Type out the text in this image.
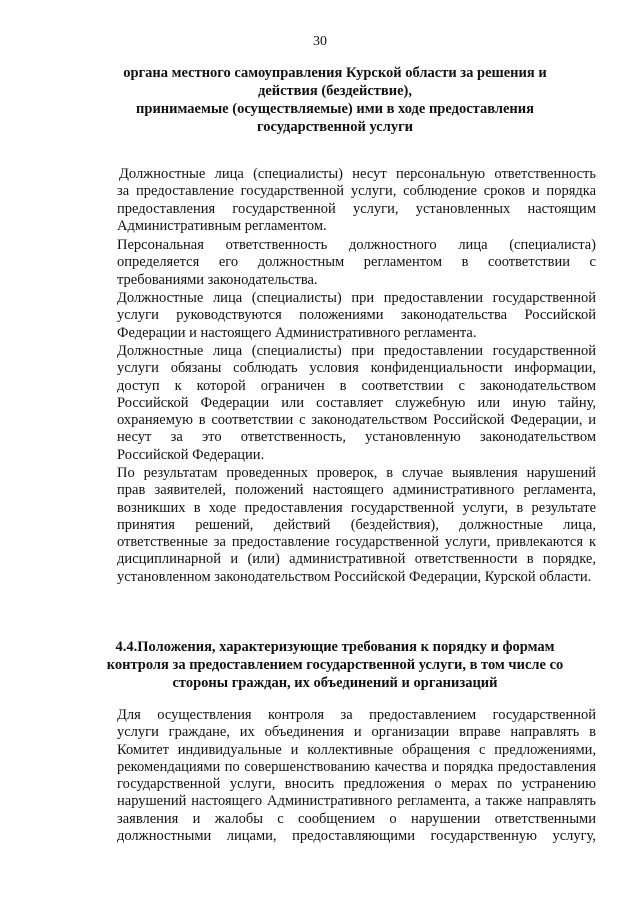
30
органа местного самоуправления Курской области за решения и
действия (бездействие),
принимаемые (осуществляемые) ими в ходе предоставления
государственной услуги
Должностные лица (специалисты) несут персональную ответственность
за предоставление государственной услуги, соблюдение сроков и порядка
предоставления государственной услуги, установленных настоящим
Административным регламентом.
Персональная ответственность должностного лица (специалиста)
определяется его должностным регламентом в соответствии с
требованиями законодательства.
Должностные лица (специалисты) при предоставлении государственной
услуги руководствуются положениями законодательства Российской
Федерации и настоящего Административного регламента.
Должностные лица (специалисты) при предоставлении государственной
услуги обязаны соблюдать условия конфиденциальности информации,
доступ к которой ограничен в соответствии с законодательством
Российской Федерации или составляет служебную или иную тайну,
охраняемую в соответствии с законодательством Российской Федерации, и
несут за это ответственность, установленную законодательством
Российской Федерации.
По результатам проведенных проверок, в случае выявления нарушений
прав заявителей, положений настоящего административного регламента,
возникших в ходе предоставления государственной услуги, в результате
принятия решений, действий (бездействия), должностные лица,
ответственные за предоставление государственной услуги, привлекаются к
дисциплинарной и (или) административной ответственности в порядке,
установленном законодательством Российской Федерации, Курской области.
4.4.Положения, характеризующие требования к порядку и формам
контроля за предоставлением государственной услуги, в том числе со
стороны граждан, их объединений и организаций
Для осуществления контроля за предоставлением государственной
услуги граждане, их объединения и организации вправе направлять в
Комитет индивидуальные и коллективные обращения с предложениями,
рекомендациями по совершенствованию качества и порядка предоставления
государственной услуги, вносить предложения о мерах по устранению
нарушений настоящего Административного регламента, а также направлять
заявления и жалобы с сообщением о нарушении ответственными
должностными лицами, предоставляющими государственную услугу,
